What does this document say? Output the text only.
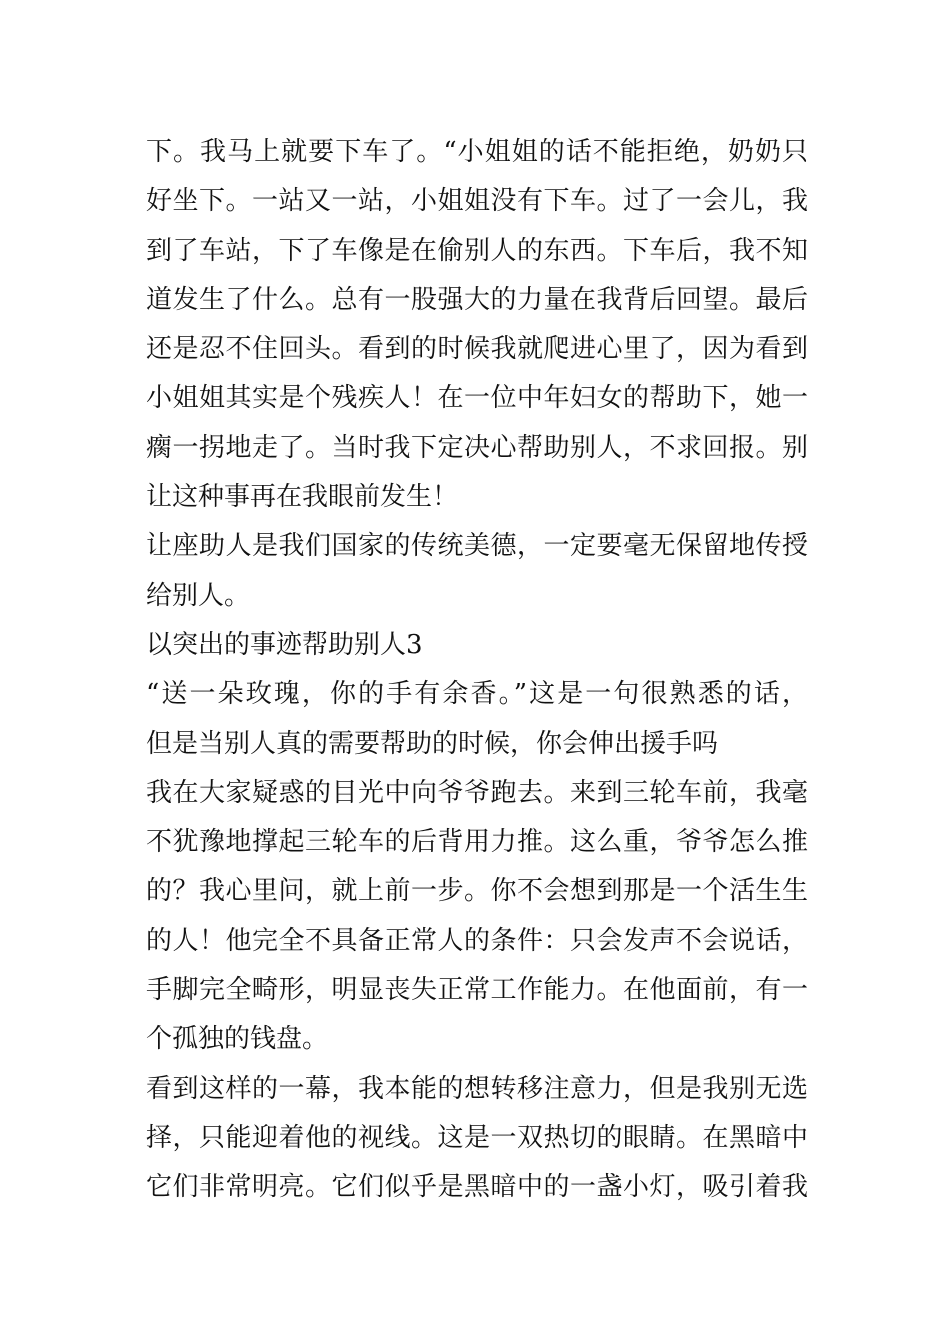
下。我马上就要下车了。“小姐姐的话不能拒绝，奶奶只
好坐下。一站又一站，小姐姐没有下车。过了一会儿，我
到了车站，下了车像是在偷别人的东西。下车后，我不知
道发生了什么。总有一股强大的力量在我背后回望。最后
还是忍不住回头。看到的时候我就爬进心里了，因为看到
小姐姐其实是个残疾人！在一位中年妇女的帮助下，她一
瘸一拐地走了。当时我下定决心帮助别人，不求回报。别
让这种事再在我眼前发生！
让座助人是我们国家的传统美德，一定要毫无保留地传授
给别人。
以突出的事迹帮助别人3
“送一朵玫瑰，你的手有余香。”这是一句很熟悉的话，
但是当别人真的需要帮助的时候，你会伸出援手吗
我在大家疑惑的目光中向爷爷跑去。来到三轮车前，我毫
不犹豫地撑起三轮车的后背用力推。这么重，爷爷怎么推
的？我心里问，就上前一步。你不会想到那是一个活生生
的人！他完全不具备正常人的条件：只会发声不会说话，
手脚完全畸形，明显丧失正常工作能力。在他面前，有一
个孤独的钱盘。
看到这样的一幕，我本能的想转移注意力，但是我别无选
择，只能迎着他的视线。这是一双热切的眼睛。在黑暗中
它们非常明亮。它们似乎是黑暗中的一盏小灯，吸引着我
